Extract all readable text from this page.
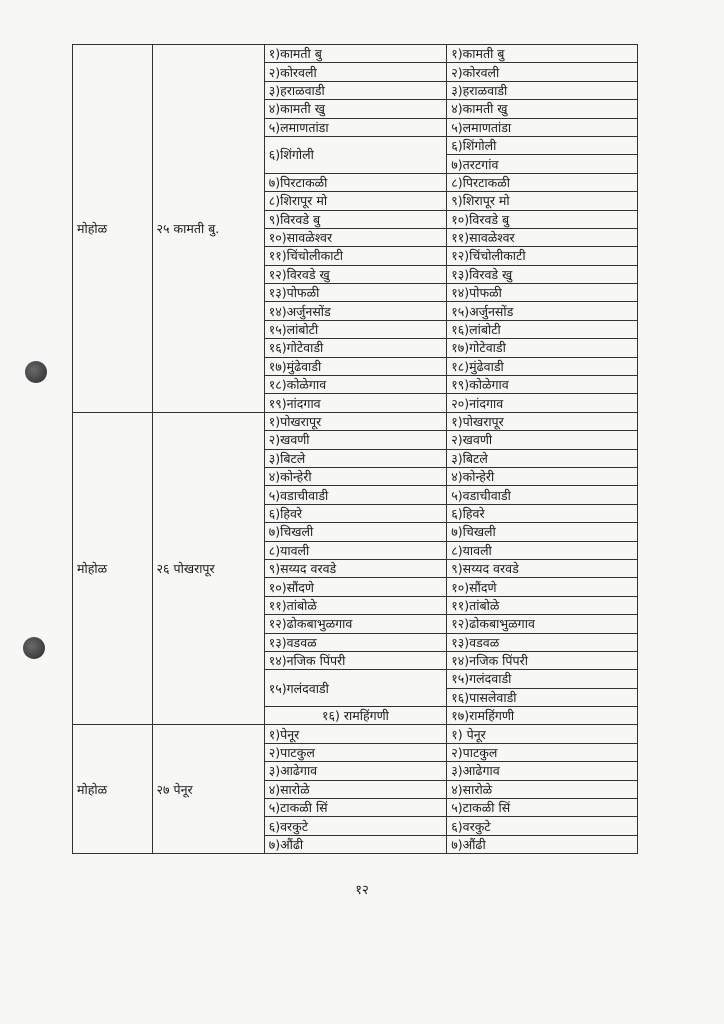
मोहोळ	२५ कामती बु.	१)कामती बु	१)कामती बु
		२)कोरवली	२)कोरवली
		३)हराळवाडी	३)हराळवाडी
		४)कामती खु	४)कामती खु
		५)लमाणतांडा	५)लमाणतांडा
		६)शिंगोली	६)शिंगोली
			७)तरटगांव
		७)पिरटाकळी	८)पिरटाकळी
		८)शिरापूर मो	९)शिरापूर मो
		९)विरवडे बु	१०)विरवडे बु
		१०)सावळेश्वर	११)सावळेश्वर
		११)चिंचोलीकाटी	१२)चिंचोलीकाटी
		१२)विरवडे खु	१३)विरवडे खु
		१३)पोफळी	१४)पोफळी
		१४)अर्जुनसोंड	१५)अर्जुनसोंड
		१५)लांबोटी	१६)लांबोटी
		१६)गोटेवाडी	१७)गोटेवाडी
		१७)मुंढेवाडी	१८)मुंढेवाडी
		१८)कोळेगाव	१९)कोळेगाव
		१९)नांदगाव	२०)नांदगाव
मोहोळ	२६ पोखरापूर	१)पोखरापूर	१)पोखरापूर
		२)खवणी	२)खवणी
		३)बिटले	३)बिटले
		४)कोन्हेरी	४)कोन्हेरी
		५)वडाचीवाडी	५)वडाचीवाडी
		६)हिवरे	६)हिवरे
		७)चिखली	७)चिखली
		८)यावली	८)यावली
		९)सय्यद वरवडे	९)सय्यद वरवडे
		१०)सौंदणे	१०)सौंदणे
		११)तांबोळे	११)तांबोळे
		१२)ढोकबाभुळगाव	१२)ढोकबाभुळगाव
		१३)वडवळ	१३)वडवळ
		१४)नजिक पिंपरी	१४)नजिक पिंपरी
		१५)गलंदवाडी	१५)गलंदवाडी
			१६)पासलेवाडी
		१६) रामहिंगणी	१७)रामहिंगणी
मोहोळ	२७ पेनूर	१)पेनूर	१) पेनूर
		२)पाटकुल	२)पाटकुल
		३)आढेगाव	३)आढेगाव
		४)सारोळे	४)सारोळे
		५)टाकळी सिं	५)टाकळी सिं
		६)वरकुटे	६)वरकुटे
		७)औंढी	७)औंढी
१२
